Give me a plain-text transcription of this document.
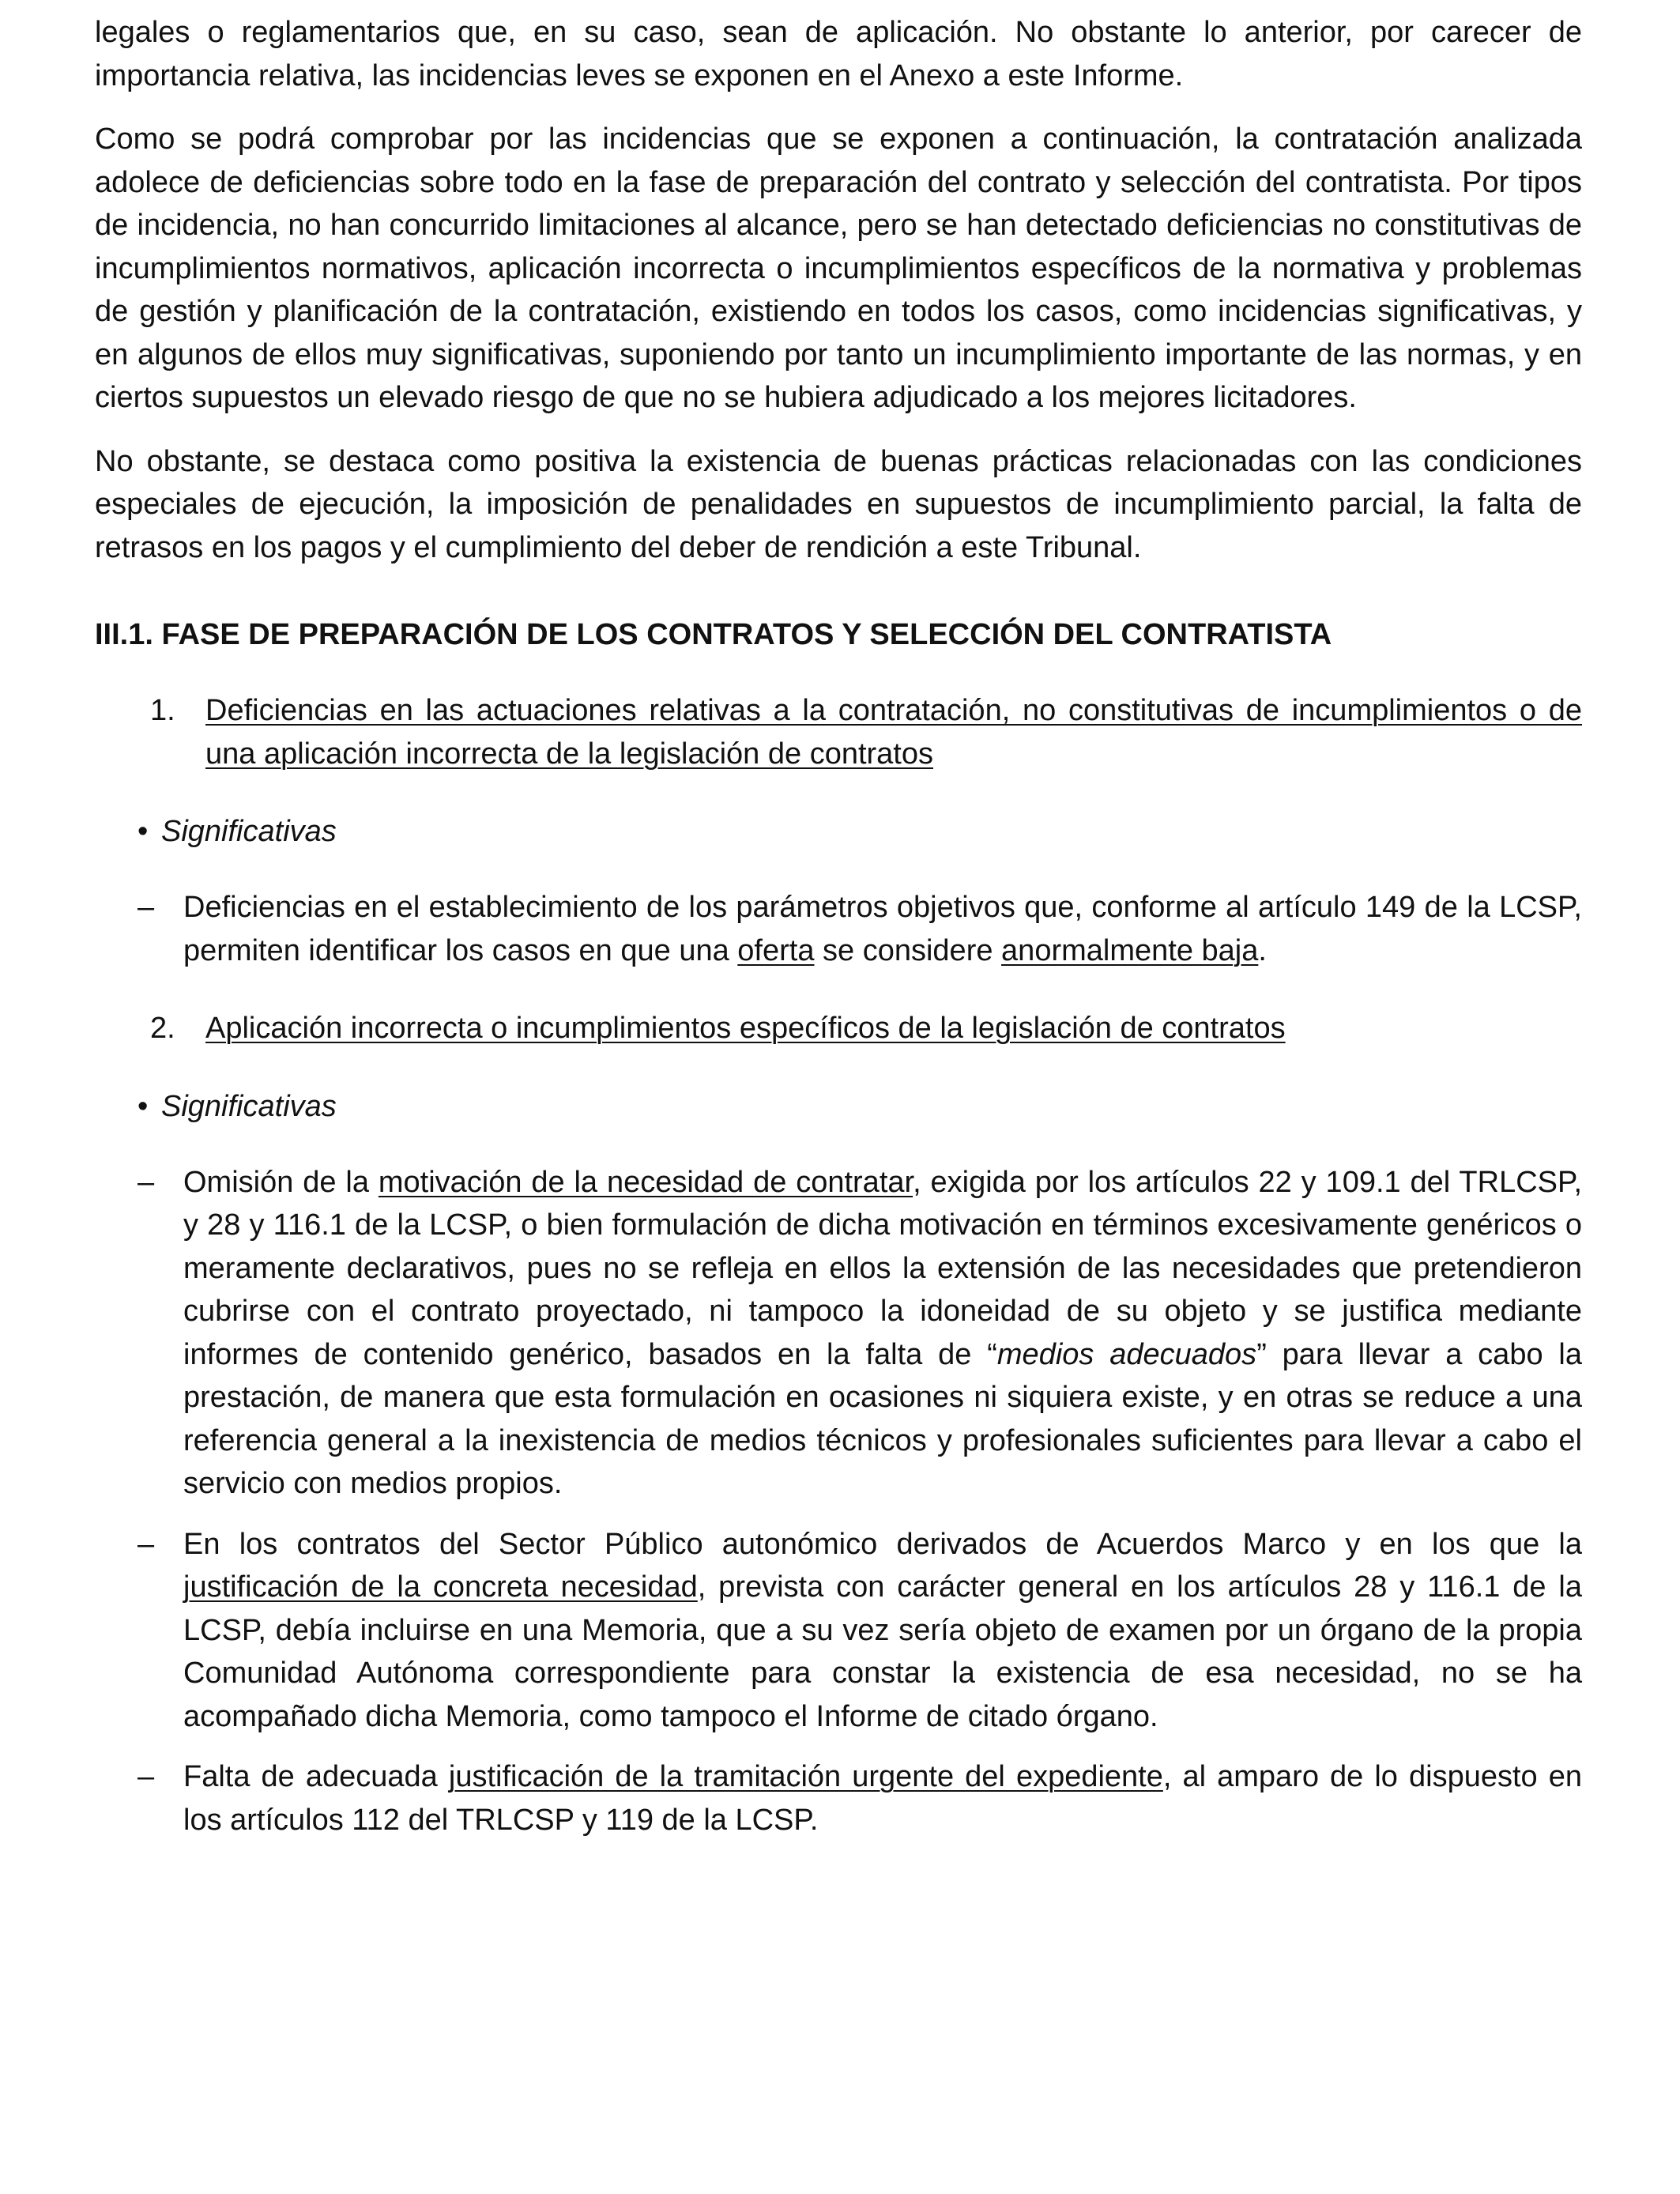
legales o reglamentarios que, en su caso, sean de aplicación. No obstante lo anterior, por carecer de importancia relativa, las incidencias leves se exponen en el Anexo a este Informe.

Como se podrá comprobar por las incidencias que se exponen a continuación, la contratación analizada adolece de deficiencias sobre todo en la fase de preparación del contrato y selección del contratista. Por tipos de incidencia, no han concurrido limitaciones al alcance, pero se han detectado deficiencias no constitutivas de incumplimientos normativos, aplicación incorrecta o incumplimientos específicos de la normativa y problemas de gestión y planificación de la contratación, existiendo en todos los casos, como incidencias significativas, y en algunos de ellos muy significativas, suponiendo por tanto un incumplimiento importante de las normas, y en ciertos supuestos un elevado riesgo de que no se hubiera adjudicado a los mejores licitadores.

No obstante, se destaca como positiva la existencia de buenas prácticas relacionadas con las condiciones especiales de ejecución, la imposición de penalidades en supuestos de incumplimiento parcial, la falta de retrasos en los pagos y el cumplimiento del deber de rendición a este Tribunal.

III.1. FASE DE PREPARACIÓN DE LOS CONTRATOS Y SELECCIÓN DEL CONTRATISTA

1. Deficiencias en las actuaciones relativas a la contratación, no constitutivas de incumplimientos o de una aplicación incorrecta de la legislación de contratos

• Significativas

– Deficiencias en el establecimiento de los parámetros objetivos que, conforme al artículo 149 de la LCSP, permiten identificar los casos en que una oferta se considere anormalmente baja.

2. Aplicación incorrecta o incumplimientos específicos de la legislación de contratos

• Significativas

– Omisión de la motivación de la necesidad de contratar, exigida por los artículos 22 y 109.1 del TRLCSP, y 28 y 116.1 de la LCSP, o bien formulación de dicha motivación en términos excesivamente genéricos o meramente declarativos, pues no se refleja en ellos la extensión de las necesidades que pretendieron cubrirse con el contrato proyectado, ni tampoco la idoneidad de su objeto y se justifica mediante informes de contenido genérico, basados en la falta de “medios adecuados” para llevar a cabo la prestación, de manera que esta formulación en ocasiones ni siquiera existe, y en otras se reduce a una referencia general a la inexistencia de medios técnicos y profesionales suficientes para llevar a cabo el servicio con medios propios.

– En los contratos del Sector Público autonómico derivados de Acuerdos Marco y en los que la justificación de la concreta necesidad, prevista con carácter general en los artículos 28 y 116.1 de la LCSP, debía incluirse en una Memoria, que a su vez sería objeto de examen por un órgano de la propia Comunidad Autónoma correspondiente para constar la existencia de esa necesidad, no se ha acompañado dicha Memoria, como tampoco el Informe de citado órgano.

– Falta de adecuada justificación de la tramitación urgente del expediente, al amparo de lo dispuesto en los artículos 112 del TRLCSP y 119 de la LCSP.
